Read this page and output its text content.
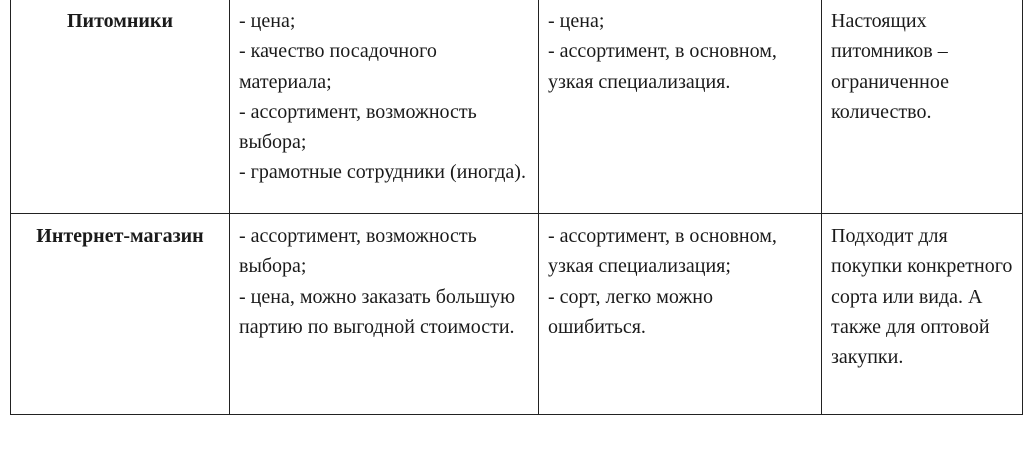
Питомники	- цена;
- качество посадочного материала;
- ассортимент, возможность выбора;
- грамотные сотрудники (иногда).	- цена;
- ассортимент, в основном, узкая специализация.	Настоящих питомников – ограниченное количество.

Интернет-магазин	- ассортимент, возможность выбора;
- цена, можно заказать большую партию по выгодной стоимости.	- ассортимент, в основном, узкая специализация;
- сорт, легко можно ошибиться.	Подходит для покупки конкретного сорта или вида. А также для оптовой закупки.
